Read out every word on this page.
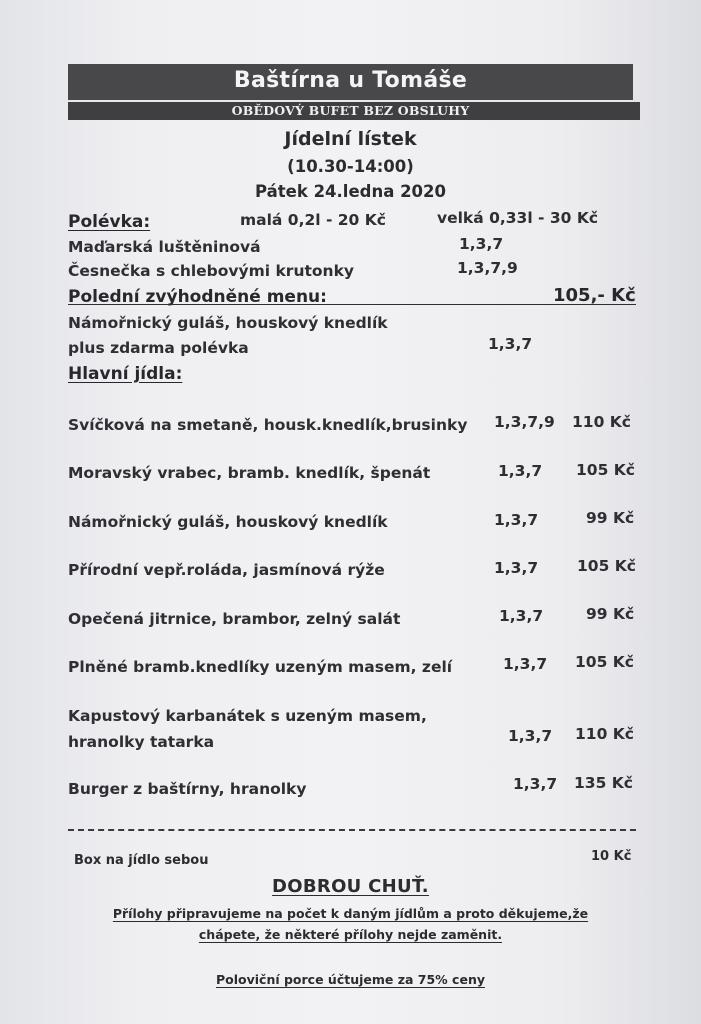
Baštírna u Tomáše
OBĚDOVÝ BUFET BEZ OBSLUHY
Jídelní lístek
(10.30-14:00)
Pátek 24.ledna 2020
Polévka:	malá 0,2l - 20 Kč	velká 0,33l - 30 Kč
Maďarská luštěninová	1,3,7
Česnečka s chlebovými krutonky	1,3,7,9
Polední zvýhodněné menu:	105,- Kč
Námořnický guláš, houskový knedlík
plus zdarma polévka	1,3,7
Hlavní jídla:
Svíčková na smetaně, housk.knedlík,brusinky 1,3,7,9 110 Kč
Moravský vrabec, bramb. knedlík, špenát	1,3,7 105 Kč
Námořnický guláš, houskový knedlík	1,3,7	99 Kč
Přírodní vepř.roláda, jasmínová rýže	1,3,7	105 Kč
Opečená jitrnice, brambor, zelný salát	1,3,7	99 Kč
Plněné bramb.knedlíky uzeným masem, zelí	1,3,7 105 Kč
Kapustový karbanátek s uzeným masem,
hranolky tatarka	1,3,7 110 Kč
Burger z baštírny, hranolky	1,3,7 135 Kč
Box na jídlo sebou	10 Kč
DOBROU CHUŤ.
Přílohy připravujeme na počet k daným jídlům a proto děkujeme,že
chápete, že některé přílohy nejde zaměnit.
Poloviční porce účtujeme za 75% ceny
